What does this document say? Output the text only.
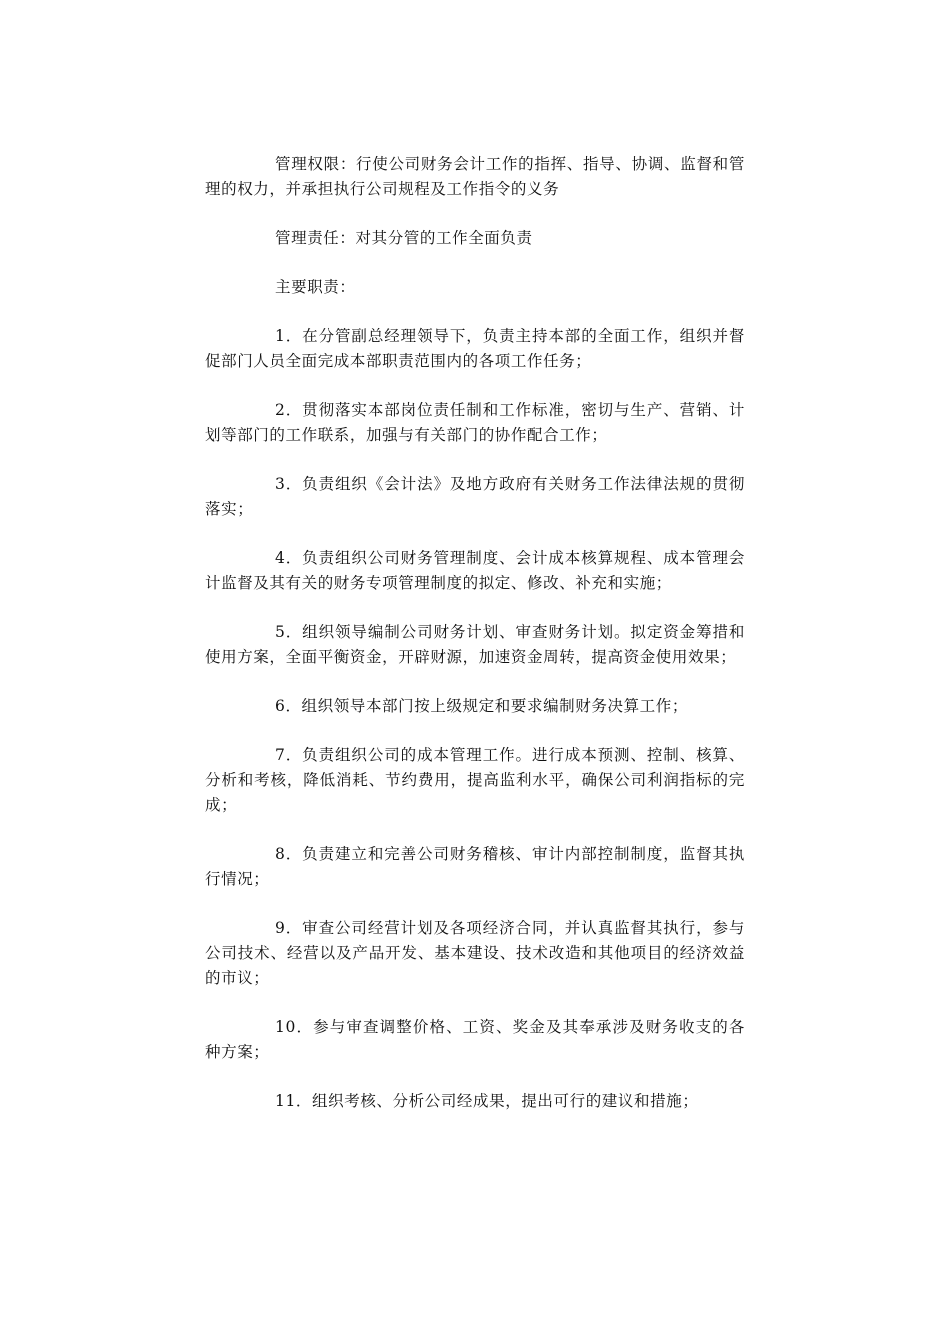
管理权限：行使公司财务会计工作的指挥、指导、协调、监督和管理的权力，并承担执行公司规程及工作指令的义务

管理责任：对其分管的工作全面负责

主要职责：

1．在分管副总经理领导下，负责主持本部的全面工作，组织并督促部门人员全面完成本部职责范围内的各项工作任务；

2．贯彻落实本部岗位责任制和工作标准，密切与生产、营销、计划等部门的工作联系，加强与有关部门的协作配合工作；

3．负责组织《会计法》及地方政府有关财务工作法律法规的贯彻落实；

4．负责组织公司财务管理制度、会计成本核算规程、成本管理会计监督及其有关的财务专项管理制度的拟定、修改、补充和实施；

5．组织领导编制公司财务计划、审查财务计划。拟定资金筹措和使用方案，全面平衡资金，开辟财源，加速资金周转，提高资金使用效果；

6．组织领导本部门按上级规定和要求编制财务决算工作；

7．负责组织公司的成本管理工作。进行成本预测、控制、核算、分析和考核，降低消耗、节约费用，提高监利水平，确保公司利润指标的完成；

8．负责建立和完善公司财务稽核、审计内部控制制度，监督其执行情况；

9．审查公司经营计划及各项经济合同，并认真监督其执行，参与公司技术、经营以及产品开发、基本建设、技术改造和其他项目的经济效益的市议；

10．参与审查调整价格、工资、奖金及其奉承涉及财务收支的各种方案；

11．组织考核、分析公司经成果，提出可行的建议和措施；
